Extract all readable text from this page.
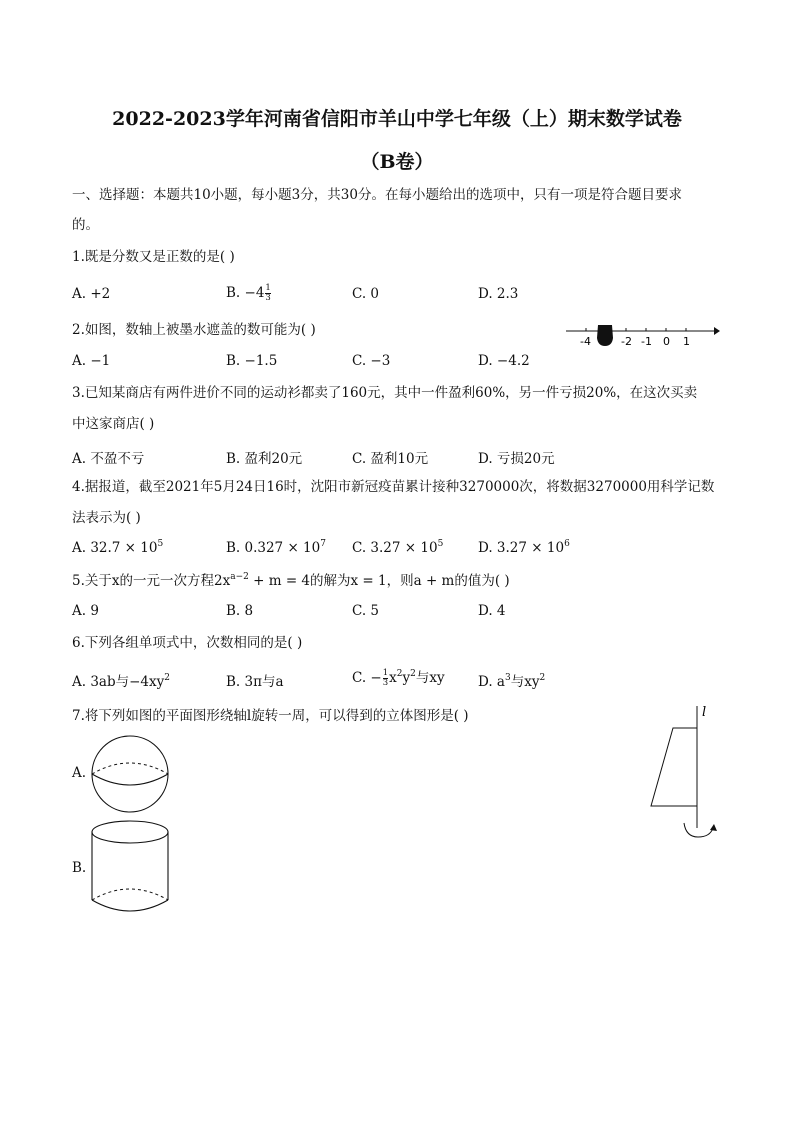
2022-2023学年河南省信阳市羊山中学七年级（上）期末数学试卷
（B卷）
一、选择题：本题共10小题，每小题3分，共30分。在每小题给出的选项中，只有一项是符合题目要求
的。
1.既是分数又是正数的是( )
A. +2	B. $-4 \frac{1}{3}$	C. 0	D. 2.3
2.如图，数轴上被墨水遮盖的数可能为( )
-4	-2 -1 0 1
A. −1	B. −1.5	C. −3	D. −4.2
3.已知某商店有两件进价不同的运动衫都卖了160元，其中一件盈利60%，另一件亏损20%，在这次买卖
中这家商店( )
A. 不盈不亏	B. 盈利20元	C. 盈利10元	D. 亏损20元
4.据报道，截至2021年5月24日16时，沈阳市新冠疫苗累计接种3270000次，将数据3270000用科学记数
法表示为( )
A. $32.7 \times 10^5$	B. $0.327 \times 10^7$ C. $3.27 \times 10^5$	D. $3.27 \times 10^6$
5.关于x的一元一次方程$2x^{a-2} + m = 4$的解为x = 1，则a + m的值为( )
A. 9	B. 8	C. 5	D. 4
6.下列各组单项式中，次数相同的是( )
A. 3ab与$-4xy^2$	B. 3π与a	C. − $\frac{1}{3} x^2y^2$与xy D. $a^3$与$xy^2$
7.将下列如图的平面图形绕轴l旋转一周，可以得到的立体图形是( )	l
A.
B.
